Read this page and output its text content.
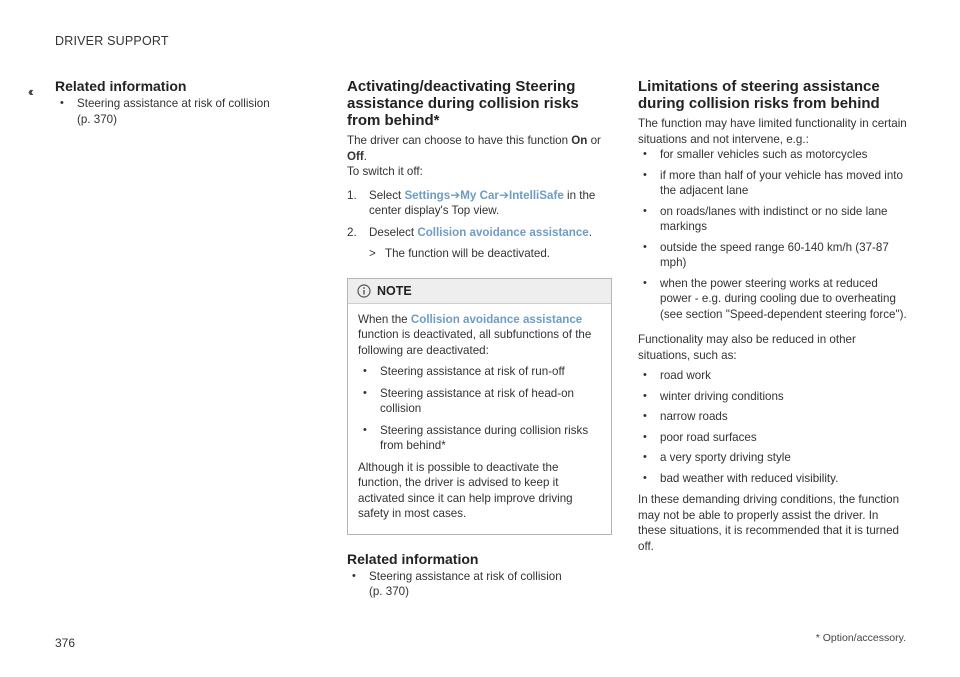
DRIVER SUPPORT
‹‹ Related information
• Steering assistance at risk of collision
(p. 370)
Activating/deactivating Steering assistance during collision risks from behind*

The driver can choose to have this function On or Off.

To switch it off:

1. Select Settings➔My Car➔IntelliSafe in the center display's Top view.
2. Deselect Collision avoidance assistance.
> The function will be deactivated.
NOTE

When the Collision avoidance assistance function is deactivated, all subfunctions of the following are deactivated:

• Steering assistance at risk of run-off
• Steering assistance at risk of head-on collision
• Steering assistance during collision risks from behind*

Although it is possible to deactivate the function, the driver is advised to keep it activated since it can help improve driving safety in most cases.

Related information
• Steering assistance at risk of collision
(p. 370)
Limitations of steering assistance during collision risks from behind

The function may have limited functionality in certain situations and not intervene, e.g.:

• for smaller vehicles such as motorcycles
• if more than half of your vehicle has moved into the adjacent lane
• on roads/lanes with indistinct or no side lane markings
• outside the speed range 60-140 km/h (37-87 mph)
• when the power steering works at reduced power - e.g. during cooling due to overheating (see section "Speed-dependent steering force").

Functionality may also be reduced in other situations, such as:

• road work
• winter driving conditions
• narrow roads
• poor road surfaces
• a very sporty driving style
• bad weather with reduced visibility.

In these demanding driving conditions, the function may not be able to properly assist the driver. In these situations, it is recommended that it is turned off.

376	* Option/accessory.
